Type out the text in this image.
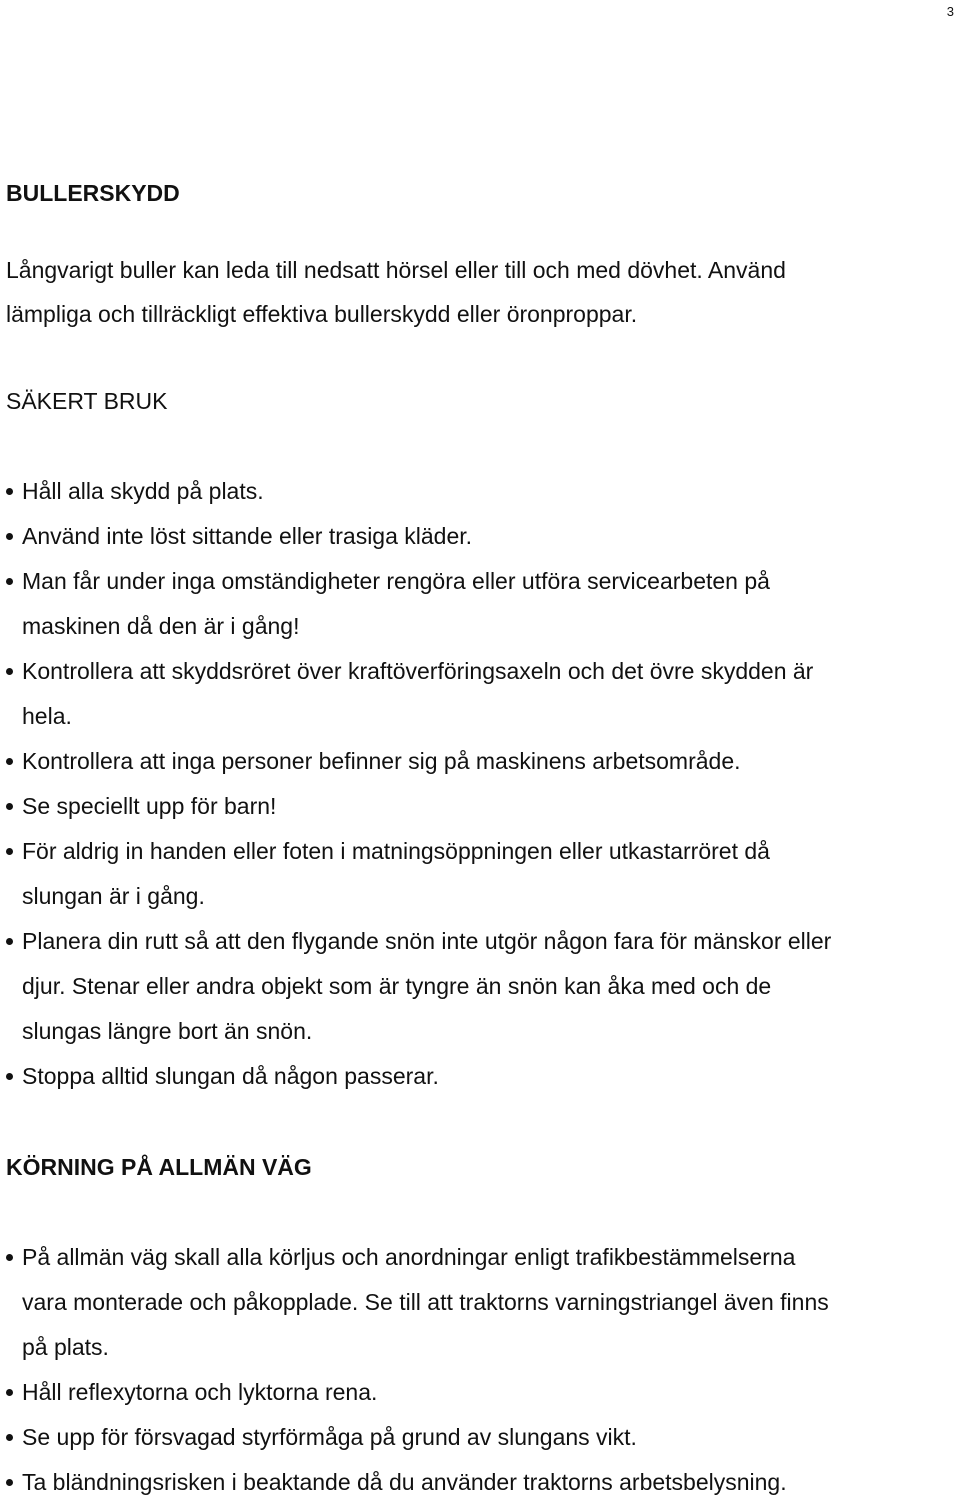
3
BULLERSKYDD

Långvarigt buller kan leda till nedsatt hörsel eller till och med dövhet. Använd

lämpliga och tillräckligt effektiva bullerskydd eller öronproppar.

SÄKERT BRUK
Håll alla skydd på plats.
Använd inte löst sittande eller trasiga kläder.
Man får under inga omständigheter rengöra eller utföra servicearbeten på
maskinen då den är i gång!
Kontrollera att skyddsröret över kraftöverföringsaxeln och det övre skydden är
hela.
Kontrollera att inga personer befinner sig på maskinens arbetsområde.
Se speciellt upp för barn!
För aldrig in handen eller foten i matningsöppningen eller utkastarröret då
slungan är i gång.
Planera din rutt så att den flygande snön inte utgör någon fara för mänskor eller
djur. Stenar eller andra objekt som är tyngre än snön kan åka med och de
slungas längre bort än snön.
Stoppa alltid slungan då någon passerar.
KÖRNING PÅ ALLMÄN VÄG
På allmän väg skall alla körljus och anordningar enligt trafikbestämmelserna
vara monterade och påkopplade. Se till att traktorns varningstriangel även finns
på plats.
Håll reflexytorna och lyktorna rena.
Se upp för försvagad styrförmåga på grund av slungans vikt.
Ta bländningsrisken i beaktande då du använder traktorns arbetsbelysning.
